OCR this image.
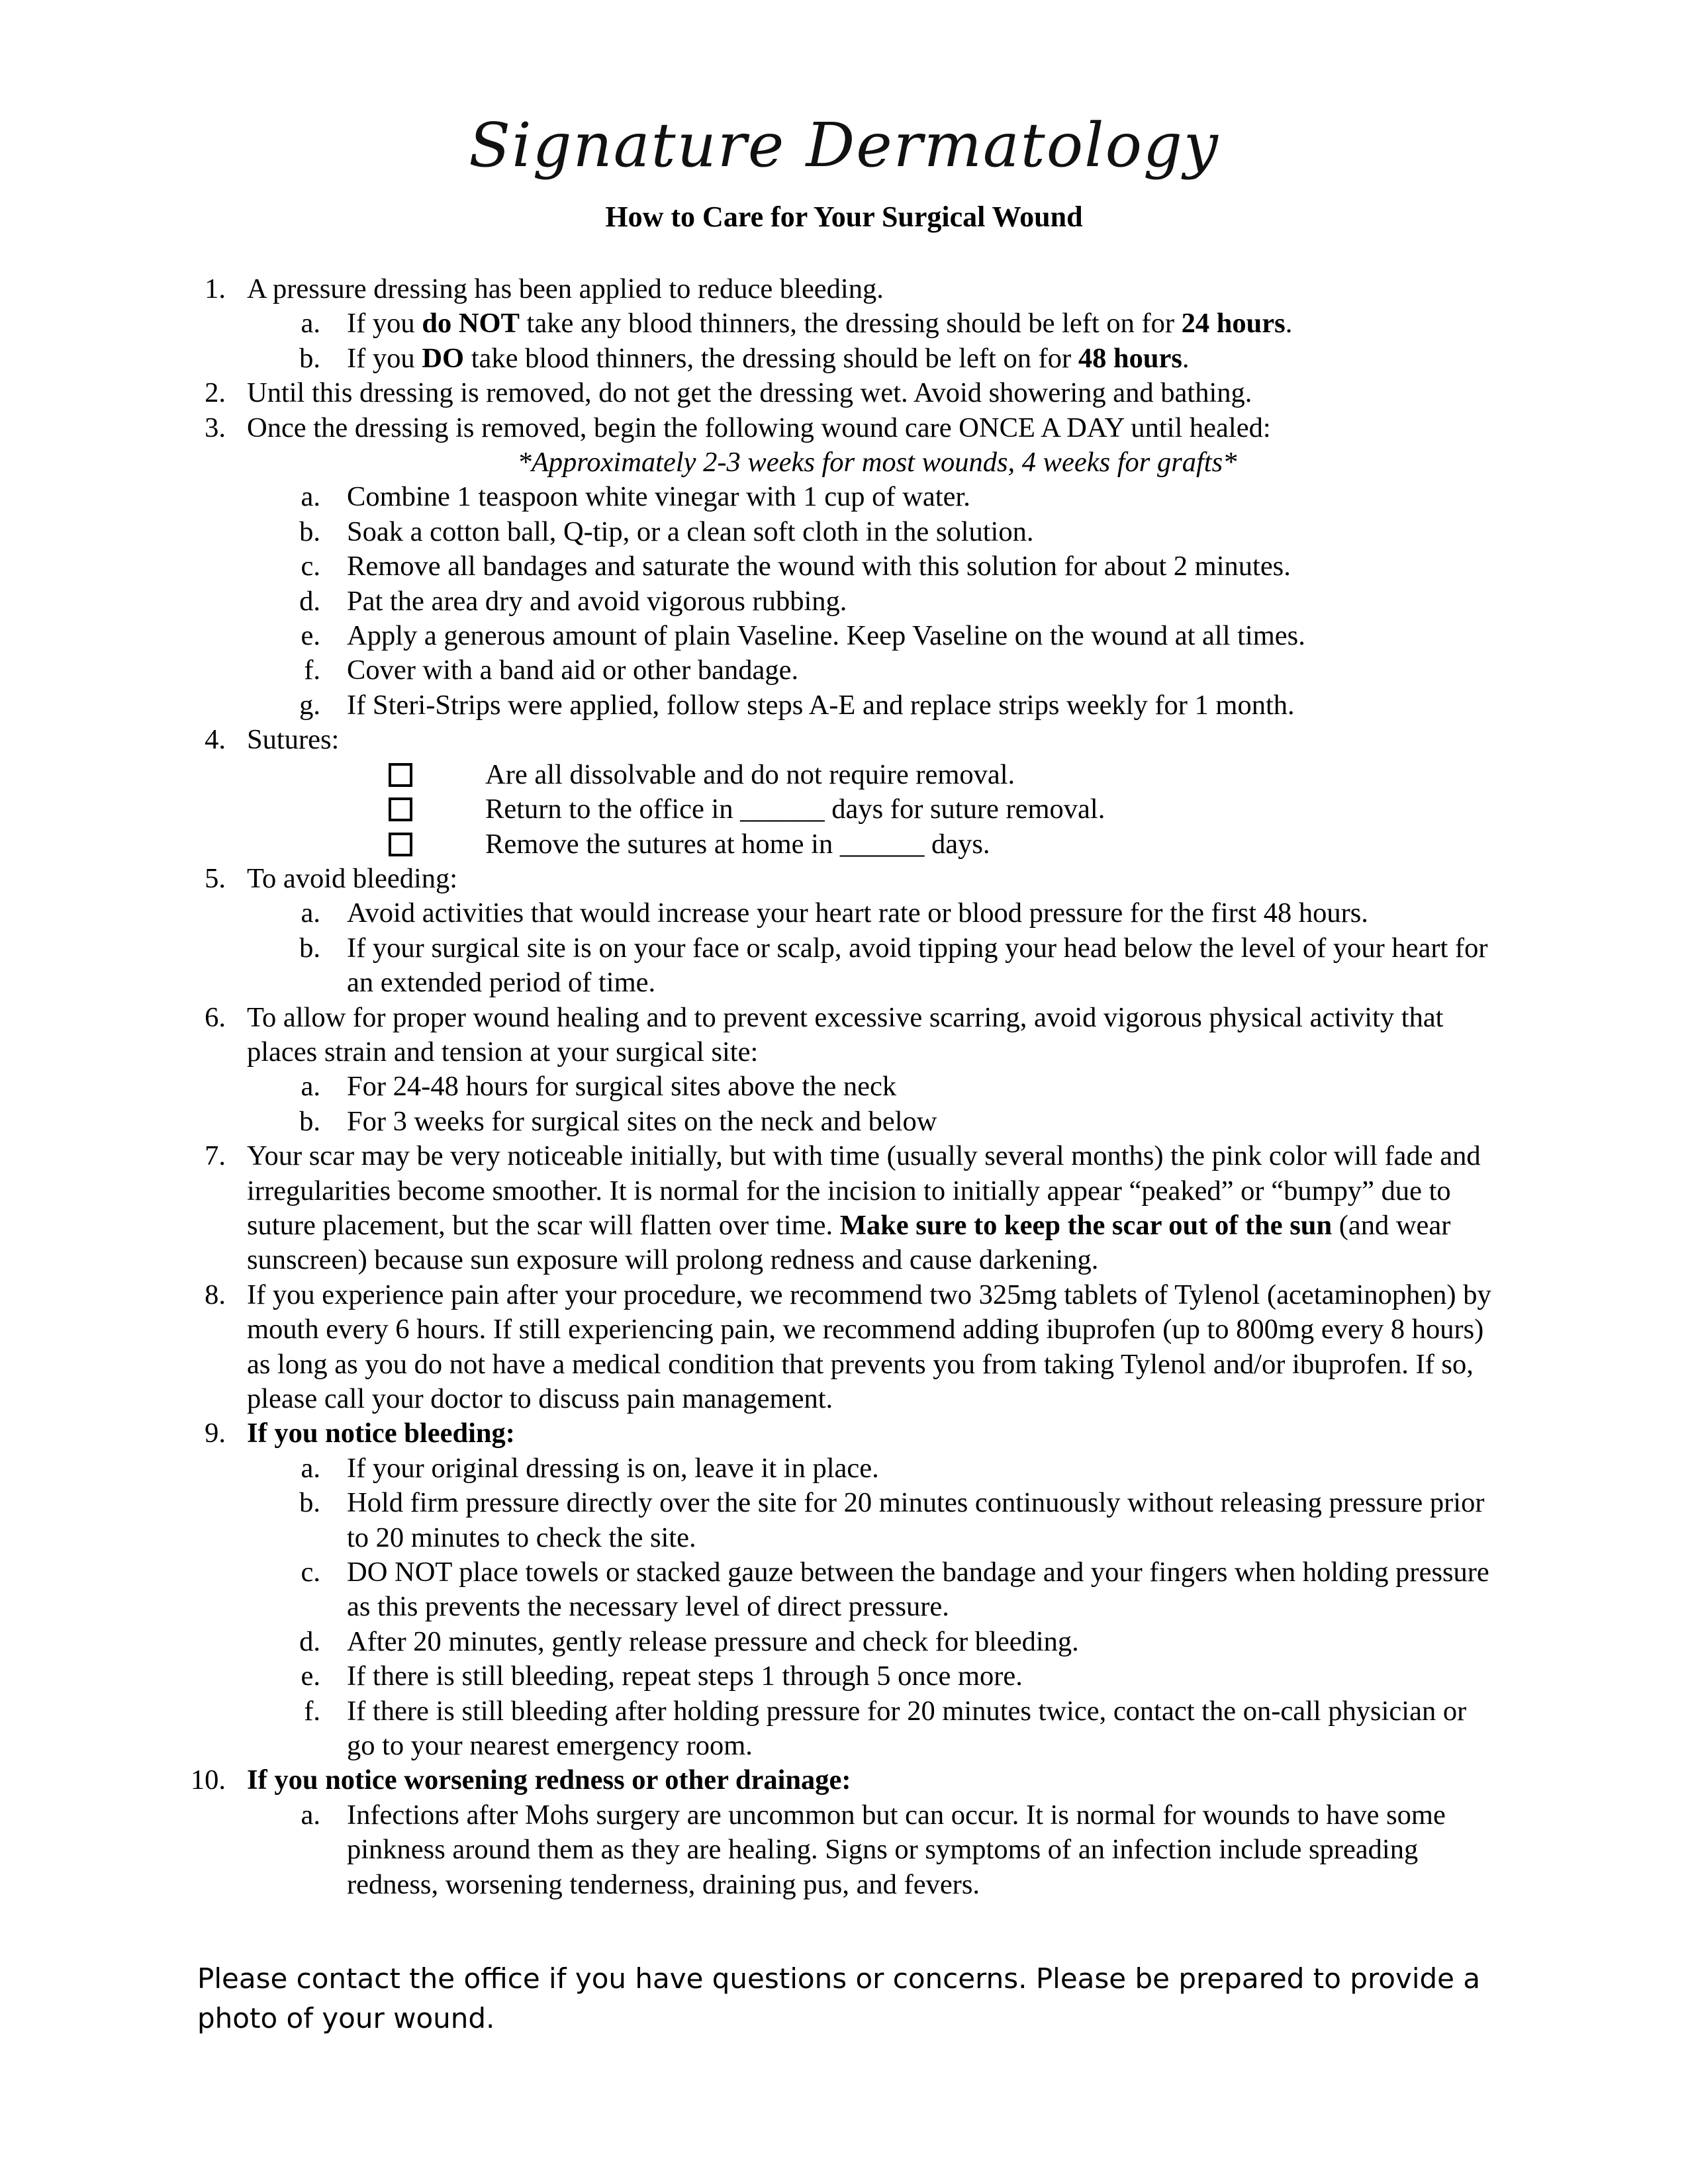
Signature Dermatology
How to Care for Your Surgical Wound
1. A pressure dressing has been applied to reduce bleeding.
a. If you do NOT take any blood thinners, the dressing should be left on for 24 hours.
b. If you DO take blood thinners, the dressing should be left on for 48 hours.
2. Until this dressing is removed, do not get the dressing wet. Avoid showering and bathing.
3. Once the dressing is removed, begin the following wound care ONCE A DAY until healed:
*Approximately 2-3 weeks for most wounds, 4 weeks for grafts*
a. Combine 1 teaspoon white vinegar with 1 cup of water.
b. Soak a cotton ball, Q-tip, or a clean soft cloth in the solution.
c. Remove all bandages and saturate the wound with this solution for about 2 minutes.
d. Pat the area dry and avoid vigorous rubbing.
e. Apply a generous amount of plain Vaseline. Keep Vaseline on the wound at all times.
f. Cover with a band aid or other bandage.
g. If Steri-Strips were applied, follow steps A-E and replace strips weekly for 1 month.
4. Sutures:
Are all dissolvable and do not require removal.
Return to the office in ______ days for suture removal.
Remove the sutures at home in ______ days.
5. To avoid bleeding:
a. Avoid activities that would increase your heart rate or blood pressure for the first 48 hours.
b. If your surgical site is on your face or scalp, avoid tipping your head below the level of your heart for an extended period of time.
6. To allow for proper wound healing and to prevent excessive scarring, avoid vigorous physical activity that places strain and tension at your surgical site:
a. For 24-48 hours for surgical sites above the neck
b. For 3 weeks for surgical sites on the neck and below
7. Your scar may be very noticeable initially, but with time (usually several months) the pink color will fade and irregularities become smoother. It is normal for the incision to initially appear “peaked” or “bumpy” due to suture placement, but the scar will flatten over time. Make sure to keep the scar out of the sun (and wear sunscreen) because sun exposure will prolong redness and cause darkening.
8. If you experience pain after your procedure, we recommend two 325mg tablets of Tylenol (acetaminophen) by mouth every 6 hours. If still experiencing pain, we recommend adding ibuprofen (up to 800mg every 8 hours) as long as you do not have a medical condition that prevents you from taking Tylenol and/or ibuprofen. If so, please call your doctor to discuss pain management.
9. If you notice bleeding:
a. If your original dressing is on, leave it in place.
b. Hold firm pressure directly over the site for 20 minutes continuously without releasing pressure prior to 20 minutes to check the site.
c. DO NOT place towels or stacked gauze between the bandage and your fingers when holding pressure as this prevents the necessary level of direct pressure.
d. After 20 minutes, gently release pressure and check for bleeding.
e. If there is still bleeding, repeat steps 1 through 5 once more.
f. If there is still bleeding after holding pressure for 20 minutes twice, contact the on-call physician or go to your nearest emergency room.
10. If you notice worsening redness or other drainage:
a. Infections after Mohs surgery are uncommon but can occur. It is normal for wounds to have some pinkness around them as they are healing. Signs or symptoms of an infection include spreading redness, worsening tenderness, draining pus, and fevers.
Please contact the office if you have questions or concerns. Please be prepared to provide a photo of your wound.
